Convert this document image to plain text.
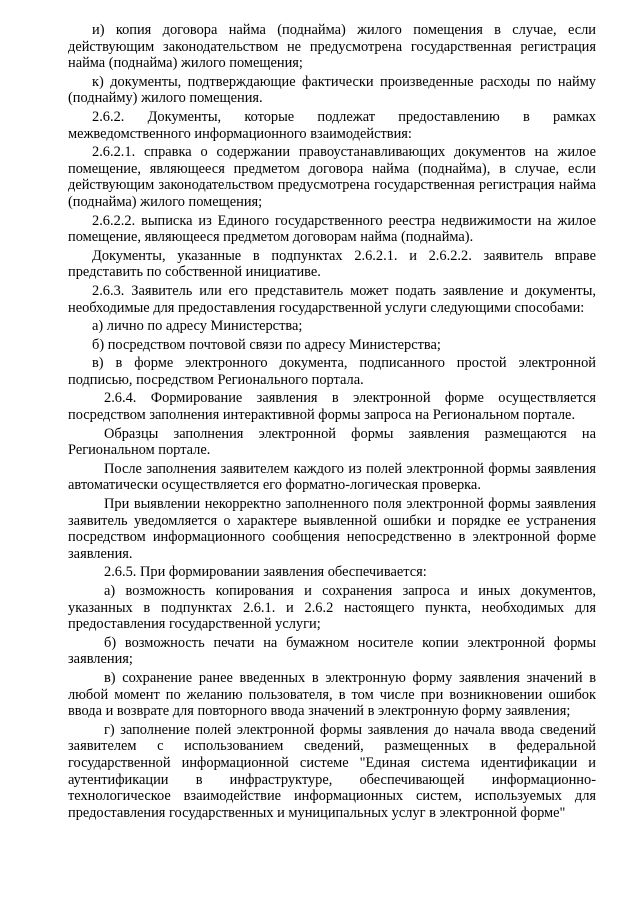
и) копия договора найма (поднайма) жилого помещения в случае, если действующим законодательством не предусмотрена государственная регистрация найма (поднайма) жилого помещения;

к) документы, подтверждающие фактически произведенные расходы по найму (поднайму) жилого помещения.

2.6.2. Документы, которые подлежат предоставлению в рамках межведомственного информационного взаимодействия:

2.6.2.1. справка о содержании правоустанавливающих документов на жилое помещение, являющееся предметом договора найма (поднайма), в случае, если действующим законодательством предусмотрена государственная регистрация найма (поднайма) жилого помещения;

2.6.2.2. выписка из Единого государственного реестра недвижимости на жилое помещение, являющееся предметом договорам найма (поднайма).

Документы, указанные в подпунктах 2.6.2.1. и 2.6.2.2. заявитель вправе представить по собственной инициативе.

2.6.3. Заявитель или его представитель может подать заявление и документы, необходимые для предоставления государственной услуги следующими способами:

а) лично по адресу Министерства;

б) посредством почтовой связи по адресу Министерства;

в) в форме электронного документа, подписанного простой электронной подписью, посредством Регионального портала.

2.6.4. Формирование заявления в электронной форме осуществляется посредством заполнения интерактивной формы запроса на Региональном портале.

Образцы заполнения электронной формы заявления размещаются на Региональном портале.

После заполнения заявителем каждого из полей электронной формы заявления автоматически осуществляется его форматно-логическая проверка.

При выявлении некорректно заполненного поля электронной формы заявления заявитель уведомляется о характере выявленной ошибки и порядке ее устранения посредством информационного сообщения непосредственно в электронной форме заявления.

2.6.5. При формировании заявления обеспечивается:

а) возможность копирования и сохранения запроса и иных документов, указанных в подпунктах 2.6.1. и 2.6.2 настоящего пункта, необходимых для предоставления государственной услуги;

б) возможность печати на бумажном носителе копии электронной формы заявления;

в) сохранение ранее введенных в электронную форму заявления значений в любой момент по желанию пользователя, в том числе при возникновении ошибок ввода и возврате для повторного ввода значений в электронную форму заявления;

г) заполнение полей электронной формы заявления до начала ввода сведений заявителем с использованием сведений, размещенных в федеральной государственной информационной системе "Единая система идентификации и аутентификации в инфраструктуре, обеспечивающей информационно-технологическое взаимодействие информационных систем, используемых для предоставления государственных и муниципальных услуг в электронной форме"
